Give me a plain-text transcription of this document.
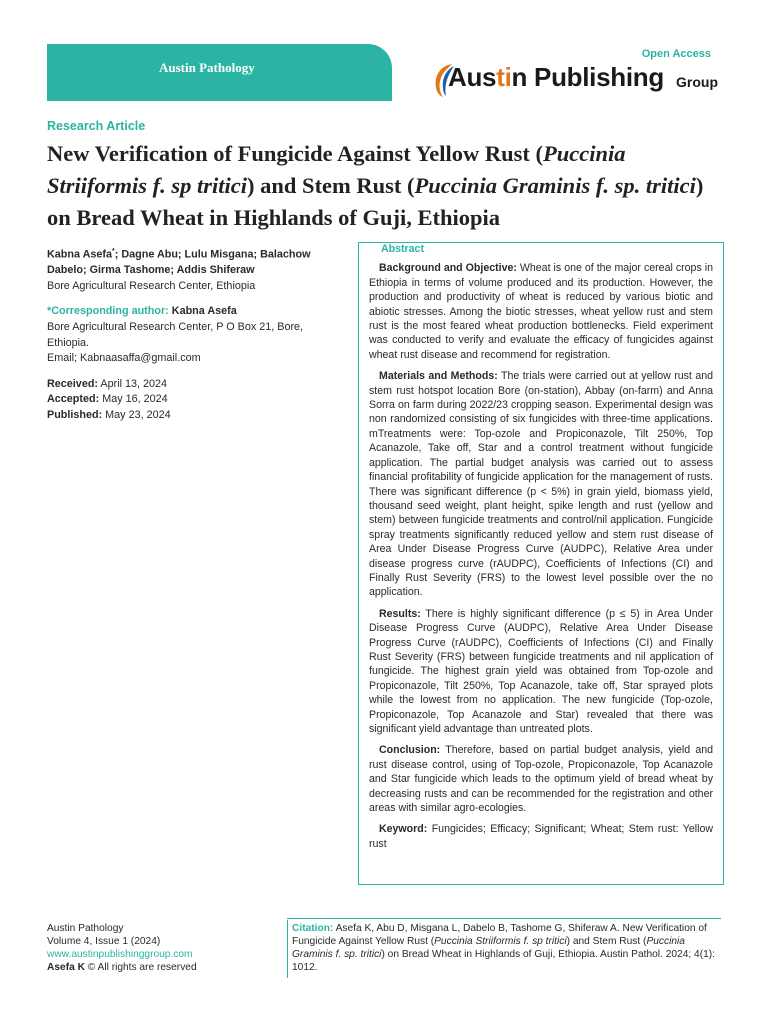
Austin Pathology
Open Access
Austin Publishing Group
Research Article
New Verification of Fungicide Against Yellow Rust (Puccinia Striiformis f. sp tritici) and Stem Rust (Puccinia Graminis f. sp. tritici) on Bread Wheat in Highlands of Guji, Ethiopia
Kabna Asefa*; Dagne Abu; Lulu Misgana; Balachow Dabelo; Girma Tashome; Addis Shiferaw
Bore Agricultural Research Center, Ethiopia
*Corresponding author: Kabna Asefa
Bore Agricultural Research Center, P O Box 21, Bore, Ethiopia.
Email; Kabnaasaffa@gmail.com
Received: April 13, 2024
Accepted: May 16, 2024
Published: May 23, 2024
Abstract

Background and Objective: Wheat is one of the major cereal crops in Ethiopia in terms of volume produced and its production. However, the production and productivity of wheat is reduced by various biotic and abiotic stresses. Among the biotic stresses, wheat yellow rust and stem rust is the most feared wheat production bottlenecks. Field experiment was conducted to verify and evaluate the efficacy of fungicides against wheat rust disease and recommend for registration.

Materials and Methods: The trials were carried out at yellow rust and stem rust hotspot location Bore (on-station), Abbay (on-farm) and Anna Sorra on farm during 2022/23 cropping season. Experimental design was non randomized consisting of six fungicides with three-time applications. mTreatments were: Top-ozole and Propiconazole, Tilt 250%, Top Acanazole, Take off, Star and a control treatment without fungicide application. The partial budget analysis was carried out to assess financial profitability of fungicide application for the management of rusts. There was significant difference (p < 5%) in grain yield, biomass yield, thousand seed weight, plant height, spike length and rust (yellow and stem) between fungicide treatments and control/nil application. Fungicide spray treatments significantly reduced yellow and stem rust disease of Area Under Disease Progress Curve (AUDPC), Relative Area under disease progress curve (rAUDPC), Coefficients of Infections (CI) and Finally Rust Severity (FRS) to the lowest level possible over the no application.

Results: There is highly significant difference (p ≤ 5) in Area Under Disease Progress Curve (AUDPC), Relative Area Under Disease Progress Curve (rAUDPC), Coefficients of Infections (CI) and Finally Rust Severity (FRS) between fungicide treatments and nil application of fungicide. The highest grain yield was obtained from Top-ozole and Propiconazole, Tilt 250%, Top Acanazole, take off, Star sprayed plots while the lowest from no application. The new fungicide (Top-ozole, Propiconazole, Top Acanazole and Star) revealed that there was significant yield advantage than untreated plots.

Conclusion: Therefore, based on partial budget analysis, yield and rust disease control, using of Top-ozole, Propiconazole, Top Acanazole and Star fungicide which leads to the optimum yield of bread wheat by decreasing rusts and can be recommended for the registration and other areas with similar agro-ecologies.

Keyword: Fungicides; Efficacy; Significant; Wheat; Stem rust: Yellow rust

Austin Pathology
Volume 4, Issue 1 (2024)
www.austinpublishinggroup.com
Asefa K © All rights are reserved
Citation: Asefa K, Abu D, Misgana L, Dabelo B, Tashome G, Shiferaw A. New Verification of Fungicide Against Yellow Rust (Puccinia Striiformis f. sp tritici) and Stem Rust (Puccinia Graminis f. sp. tritici) on Bread Wheat in Highlands of Guji, Ethiopia. Austin Pathol. 2024; 4(1): 1012.
